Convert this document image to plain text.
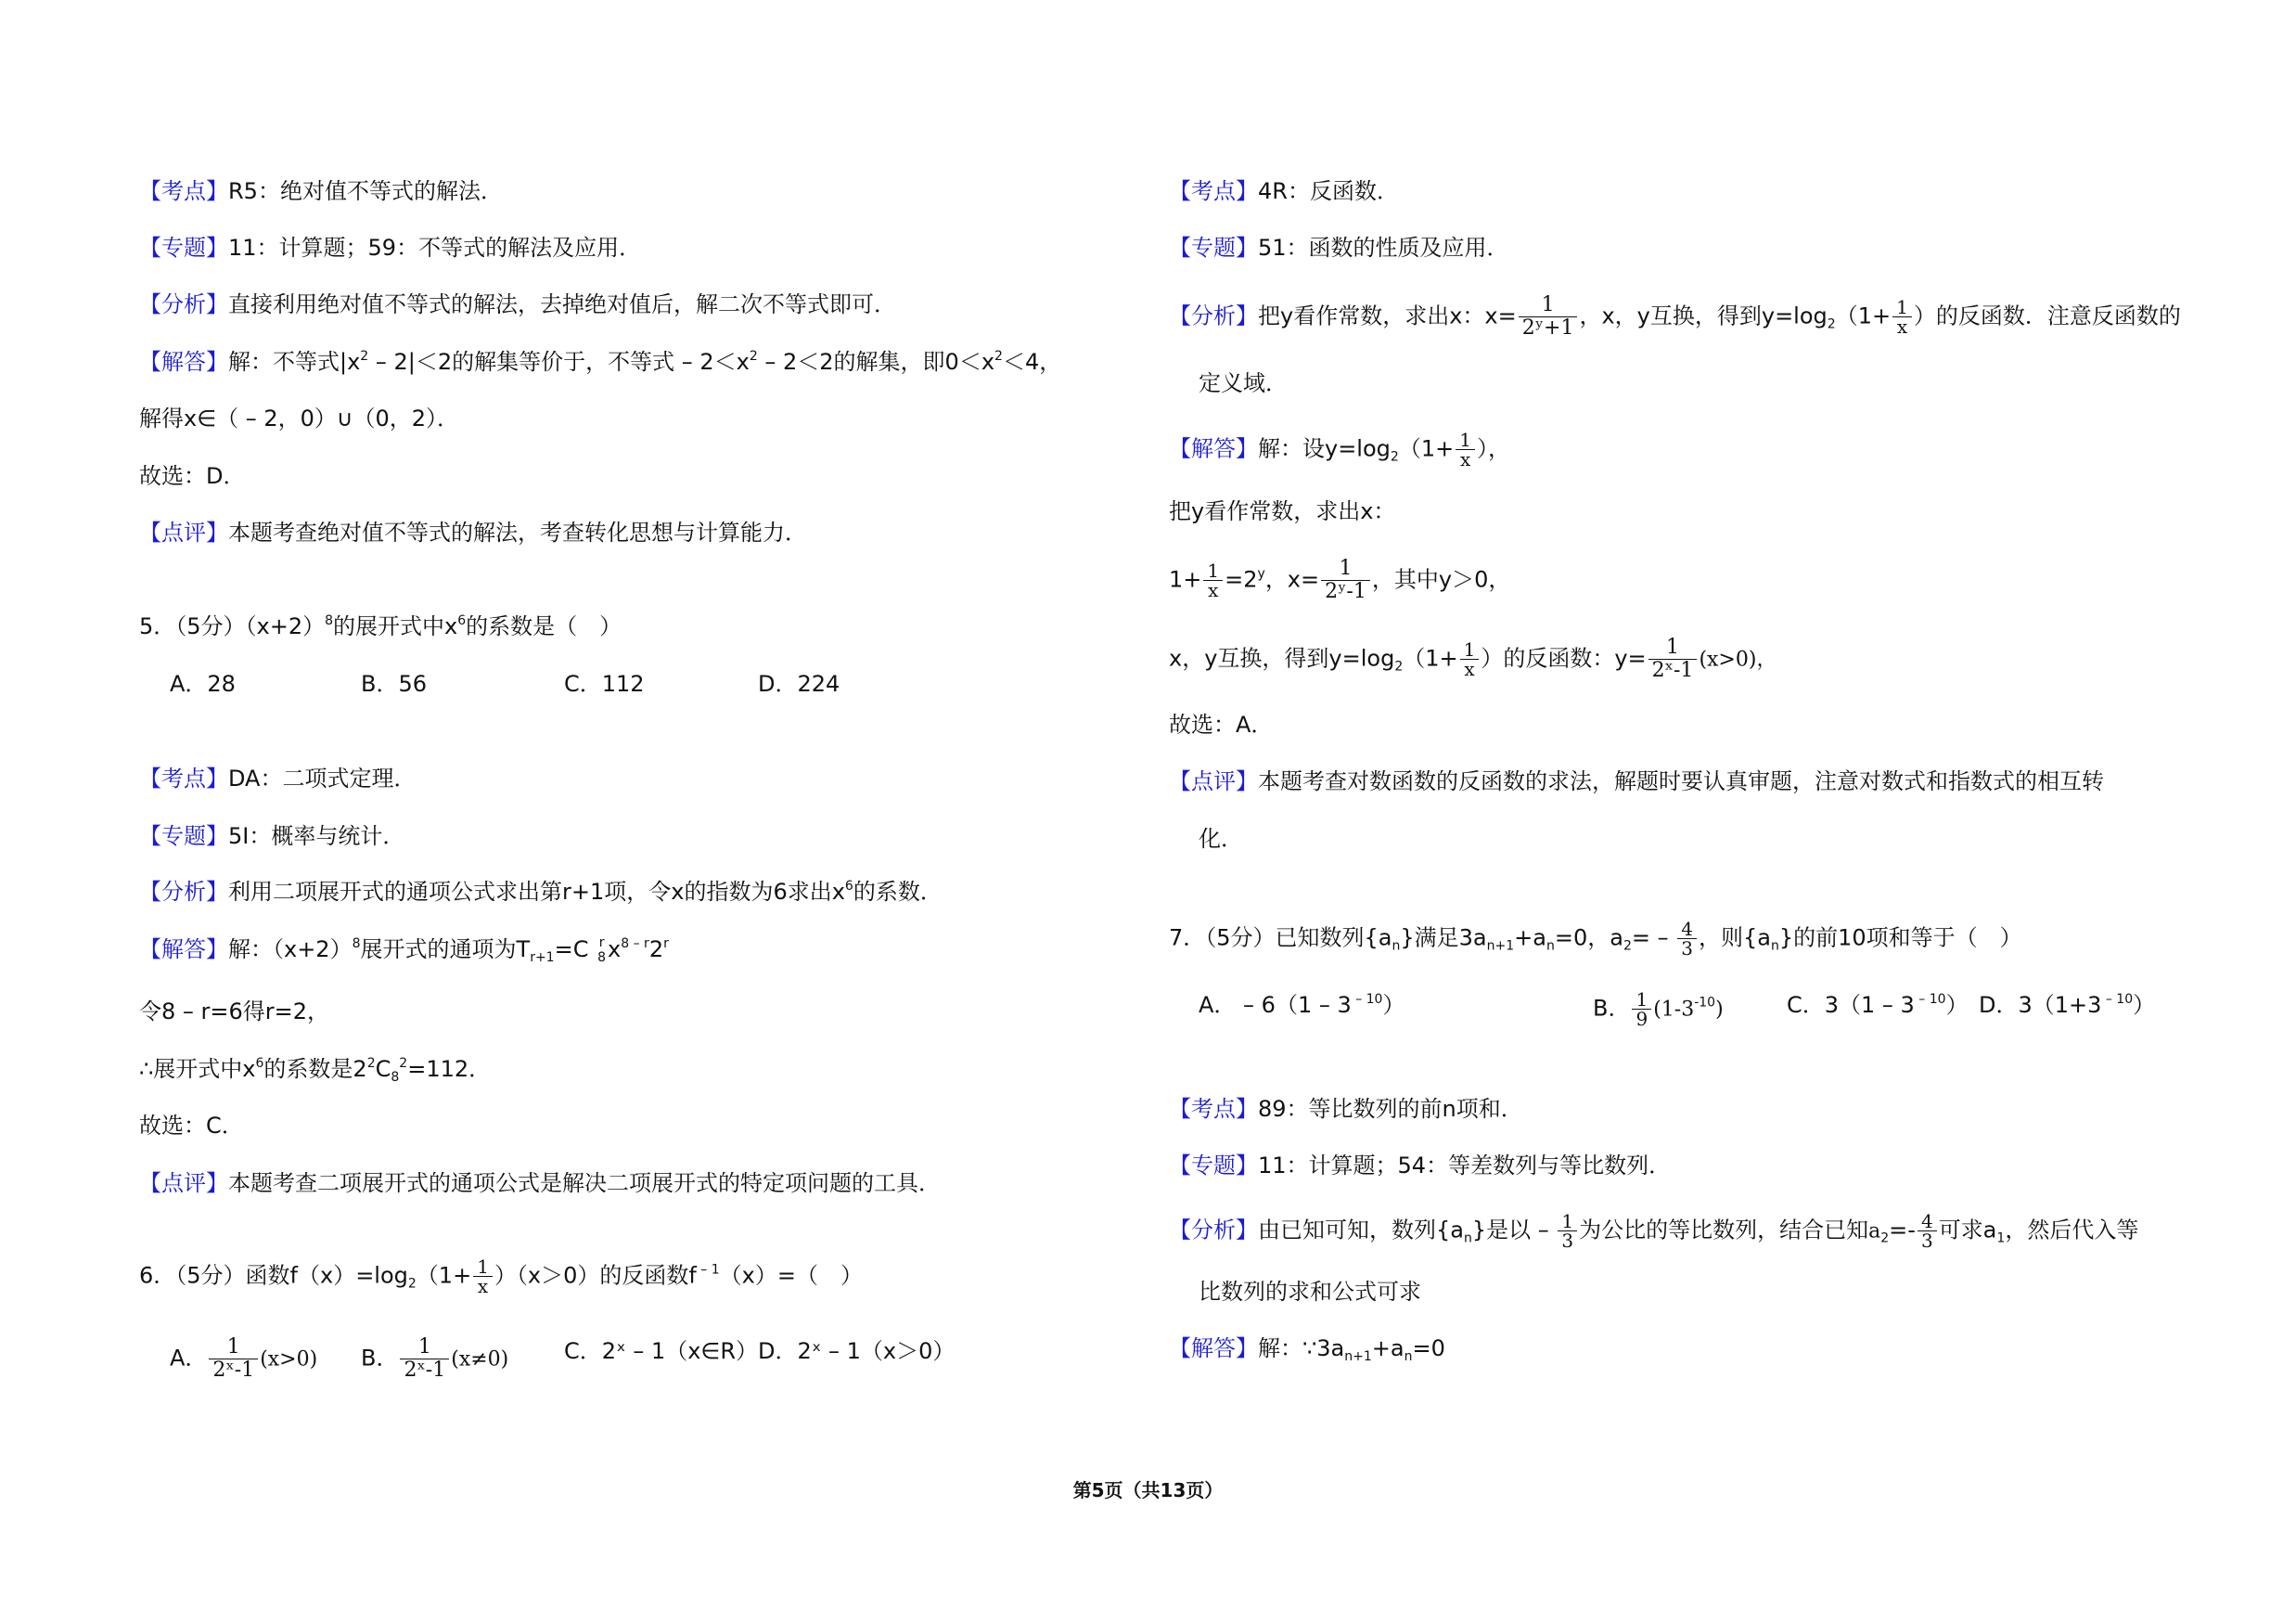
【考点】R5：绝对值不等式的解法．
【专题】11：计算题；59：不等式的解法及应用．
【分析】直接利用绝对值不等式的解法，去掉绝对值后，解二次不等式即可．
【解答】解：不等式$|x^2 - 2|<2$的解集等价于，不等式 – $2<x^2 - 2<2$的解集，即$0<x^2<4$，
解得x∈（ – 2，0）∪（0，2）．
故选：D．
【点评】本题考查绝对值不等式的解法，考查转化思想与计算能力．
5．（5分）$(x+2)^8$的展开式中$x^6$的系数是（　）
A．28	B．56	C．112	D．224
【考点】DA：二项式定理．
【专题】5I：概率与统计．
【分析】利用二项展开式的通项公式求出第r+1项，令x的指数为6求出$x^6$的系数．
【解答】解：$(x+2)^8$展开式的通项为$T_{r+1}=C$ r
8 $x^{8 - r}2^r$
令8 – r=6得r=2，
∴展开式中$x^6$的系数是$2^2C_8^2=112$．
故选：C．
【点评】本题考查二项展开式的通项公式是解决二项展开式的特定项问题的工具．
6．（5分）函数$f(x)=\log_2(1+ \frac{1}{x} )(x>0)$的反函数f $^{- 1}$（x）=（　）
A． $\frac{1}{\text{2ˣ-1}} (x>0)$ B． $\frac{1}{\text{2ˣ-1}} (x\ne 0)$ C．2ˣ – 1（x∈R） D．2ˣ – 1（x＞0）
【考点】4R：反函数．
【专题】51：函数的性质及应用．
【分析】把y看作常数，求出x：$x= \frac{1}{\text{2ʸ+1}}$ ，x，y互换，得到$y=\log_2(1+ \frac{1}{x}$ ）的反函数．注意反函数的
定义域．
【解答】解：设$y=\log_2(1+ \frac{1}{x}$ ），
把y看作常数，求出x：
$1+ \frac{1}{x} =2^y$，$x= \frac{1}{\text{2ʸ-1}}$ ，其中y＞0，
x，y互换，得到$y=\log_2(1+ \frac{1}{x}$ ）的反函数：$y= \frac{1}{\text{2ˣ-1}} (x>0)$，
故选：A．
【点评】本题考查对数函数的反函数的求法，解题时要认真审题，注意对数式和指数式的相互转
化．
7．（5分）已知数列$\{a_n\}$满足$3a_{n+1}+a_n=0$，$a_2= - \frac{4}{3}$ ，则$\{a_n\}$的前10项和等于（　）
A． – 6（1 – 3 $^{- 10}$）	B． $\frac{1}{9} (1-3^{-10})$	C．3（1 – 3 $^{- 10}$） D．3（1+3 $^{- 10}$）
【考点】89：等比数列的前n项和．
【专题】11：计算题；54：等差数列与等比数列．
【分析】由已知可知，数列$\{a_n\}$是以 – $\frac{1}{3}$ 为公比的等比数列，结合已知$a_2=- \frac{4}{3}$ 可求$a_1$，然后代入等
比数列的求和公式可求
【解答】解：$\because 3a_{n+1}+a_n=0$
第5页（共13页）
